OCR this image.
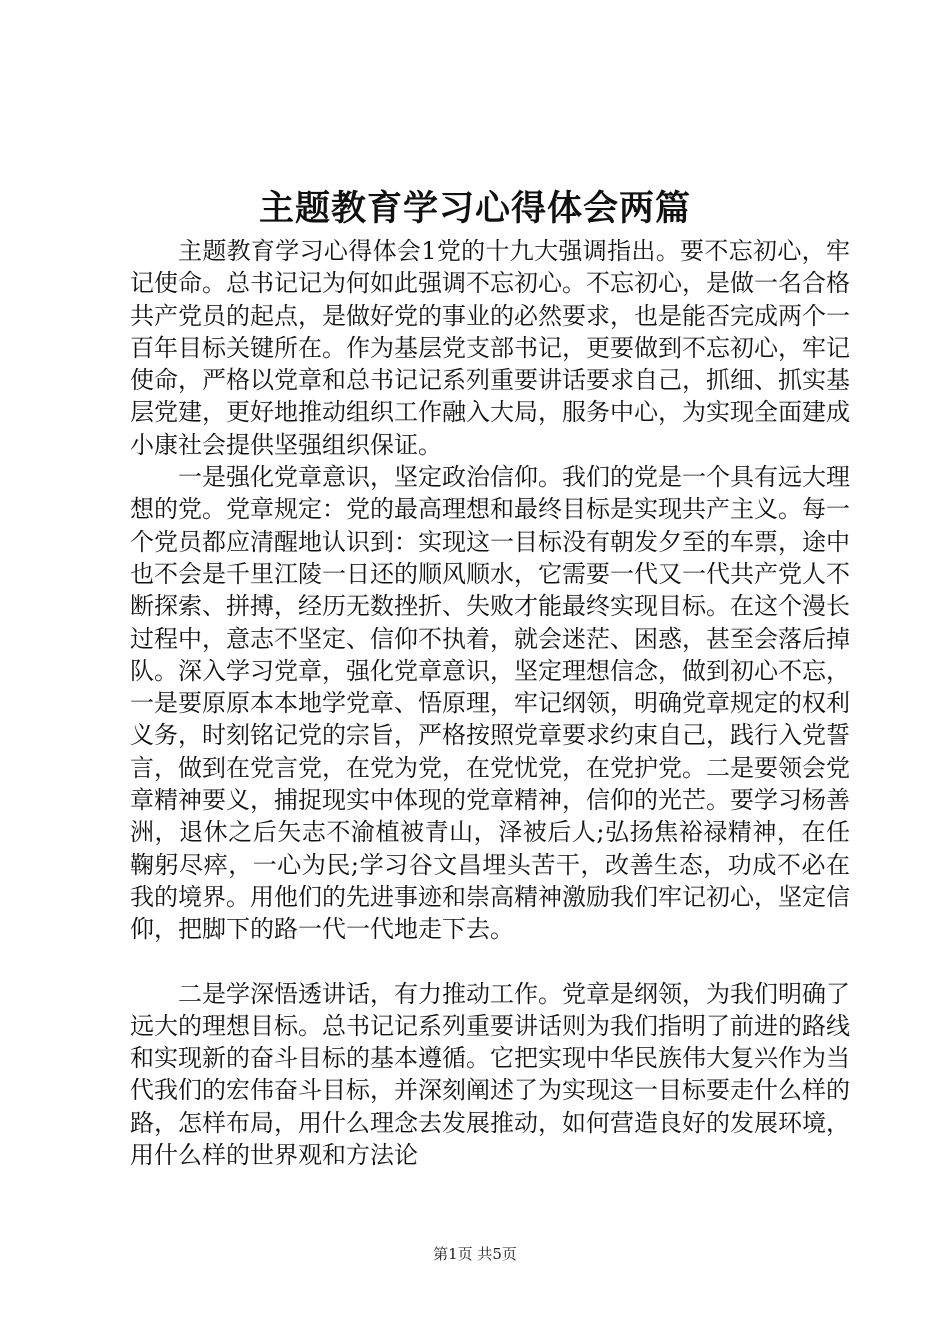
主题教育学习心得体会两篇

主题教育学习心得体会1党的十九大强调指出。要不忘初心，牢记使命。总书记记为何如此强调不忘初心。不忘初心，是做一名合格共产党员的起点，是做好党的事业的必然要求，也是能否完成两个一百年目标关键所在。作为基层党支部书记，更要做到不忘初心，牢记使命，严格以党章和总书记记系列重要讲话要求自己，抓细、抓实基层党建，更好地推动组织工作融入大局，服务中心，为实现全面建成小康社会提供坚强组织保证。

一是强化党章意识，坚定政治信仰。我们的党是一个具有远大理想的党。党章规定：党的最高理想和最终目标是实现共产主义。每一个党员都应清醒地认识到：实现这一目标没有朝发夕至的车票，途中也不会是千里江陵一日还的顺风顺水，它需要一代又一代共产党人不断探索、拼搏，经历无数挫折、失败才能最终实现目标。在这个漫长过程中，意志不坚定、信仰不执着，就会迷茫、困惑，甚至会落后掉队。深入学习党章，强化党章意识，坚定理想信念，做到初心不忘，一是要原原本本地学党章、悟原理，牢记纲领，明确党章规定的权利义务，时刻铭记党的宗旨，严格按照党章要求约束自己，践行入党誓言，做到在党言党，在党为党，在党忧党，在党护党。二是要领会党章精神要义，捕捉现实中体现的党章精神，信仰的光芒。要学习杨善洲，退休之后矢志不渝植被青山，泽被后人;弘扬焦裕禄精神，在任鞠躬尽瘁，一心为民;学习谷文昌埋头苦干，改善生态，功成不必在我的境界。用他们的先进事迹和崇高精神激励我们牢记初心，坚定信仰，把脚下的路一代一代地走下去。

二是学深悟透讲话，有力推动工作。党章是纲领，为我们明确了远大的理想目标。总书记记系列重要讲话则为我们指明了前进的路线和实现新的奋斗目标的基本遵循。它把实现中华民族伟大复兴作为当代我们的宏伟奋斗目标，并深刻阐述了为实现这一目标要走什么样的路，怎样布局，用什么理念去发展推动，如何营造良好的发展环境，用什么样的世界观和方法论

第1页 共5页
